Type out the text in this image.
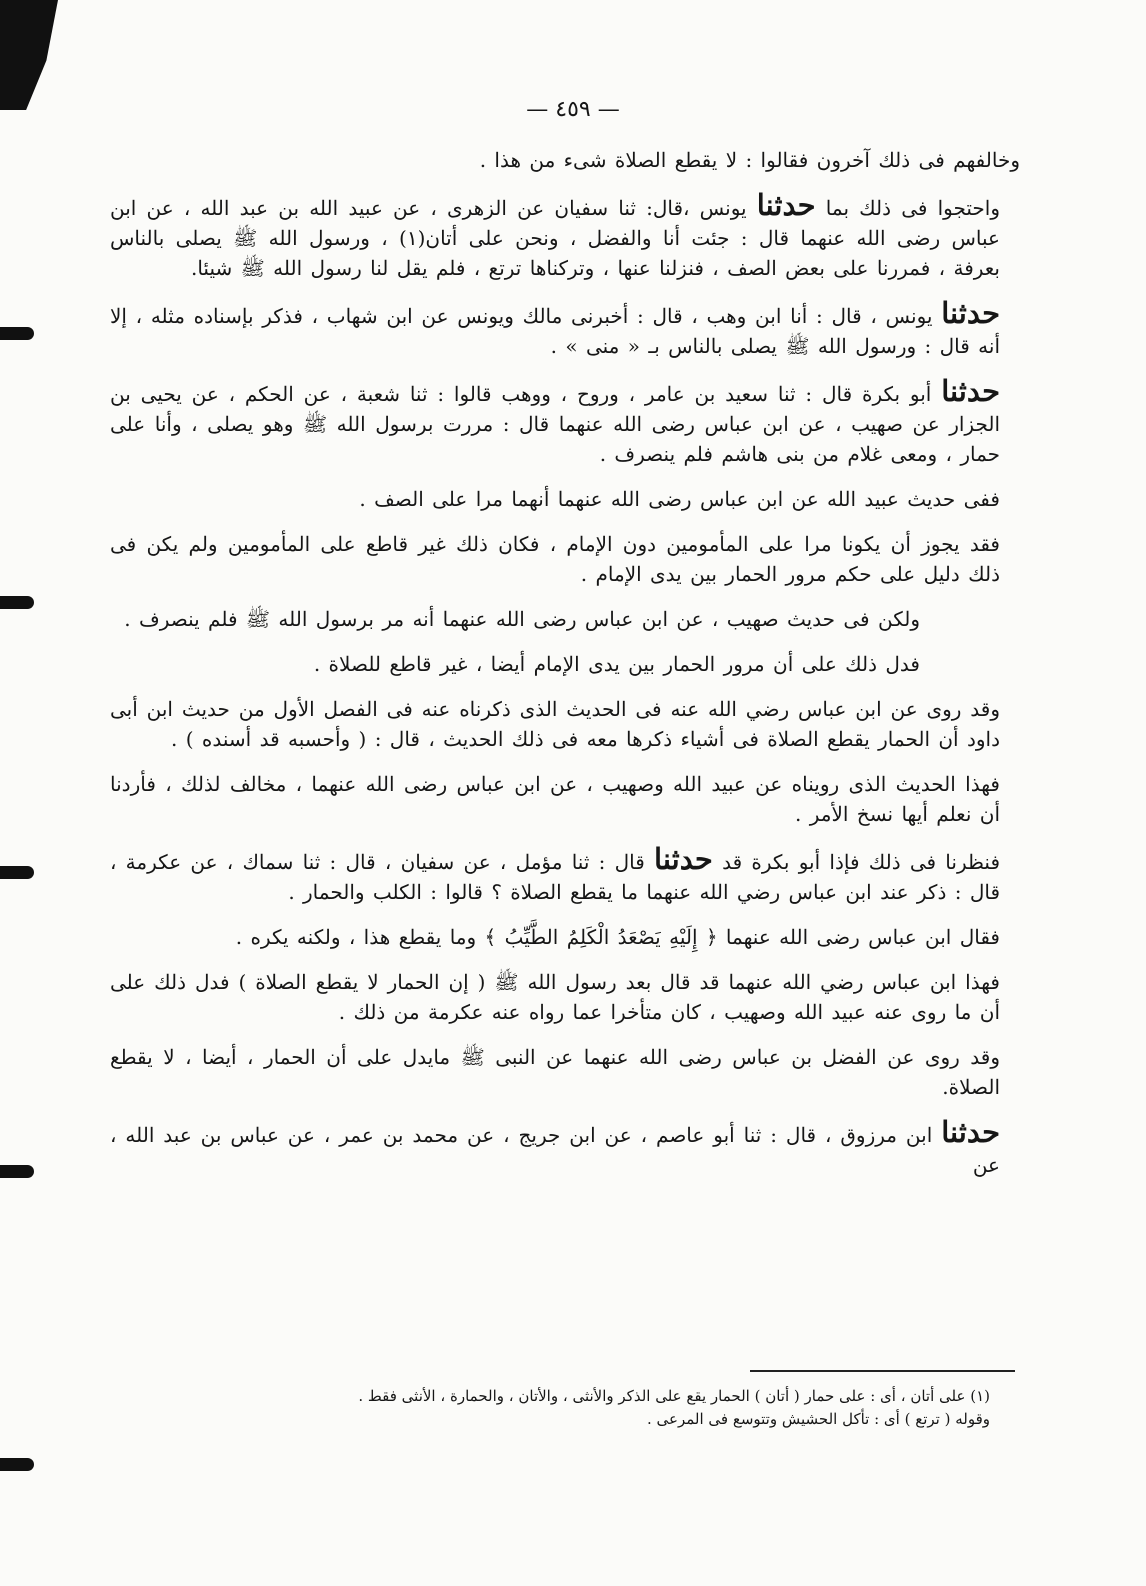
— ٤٥٩ —

وخالفهم فى ذلك آخرون فقالوا : لا يقطع الصلاة شىء من هذا .

واحتجوا فى ذلك بما حدثنا يونس ،قال: ثنا سفيان عن الزهرى ، عن عبيد الله بن عبد الله ، عن ابن عباس رضى الله عنهما قال : جئت أنا والفضل ، ونحن على أتان(١) ، ورسول الله ﷺ يصلى بالناس بعرفة ، فمررنا على بعض الصف ، فنزلنا عنها ، وتركناها ترتع ، فلم يقل لنا رسول الله ﷺ شيئا.

حدثنا يونس ، قال : أنا ابن وهب ، قال : أخبرنى مالك ويونس عن ابن شهاب ، فذكر بإسناده مثله ، إلا أنه قال : ورسول الله ﷺ يصلى بالناس بـ « منى » .

حدثنا أبو بكرة قال : ثنا سعيد بن عامر ، وروح ، ووهب قالوا : ثنا شعبة ، عن الحكم ، عن يحيى بن الجزار عن صهيب ، عن ابن عباس رضى الله عنهما قال : مررت برسول الله ﷺ وهو يصلى ، وأنا على حمار ، ومعى غلام من بنى هاشم فلم ينصرف .

ففى حديث عبيد الله عن ابن عباس رضى الله عنهما أنهما مرا على الصف .

فقد يجوز أن يكونا مرا على المأمومين دون الإمام ، فكان ذلك غير قاطع على المأمومين ولم يكن فى ذلك دليل على حكم مرور الحمار بين يدى الإمام .

ولكن فى حديث صهيب ، عن ابن عباس رضى الله عنهما أنه مر برسول الله ﷺ فلم ينصرف .

فدل ذلك على أن مرور الحمار بين يدى الإمام أيضا ، غير قاطع للصلاة .

وقد روى عن ابن عباس رضي الله عنه فى الحديث الذى ذكرناه عنه فى الفصل الأول من حديث ابن أبى داود أن الحمار يقطع الصلاة فى أشياء ذكرها معه فى ذلك الحديث ، قال : ( وأحسبه قد أسنده ) .

فهذا الحديث الذى رويناه عن عبيد الله وصهيب ، عن ابن عباس رضى الله عنهما ، مخالف لذلك ، فأردنا أن نعلم أيها نسخ الأمر .

فنظرنا فى ذلك فإذا أبو بكرة قد حدثنا قال : ثنا مؤمل ، عن سفيان ، قال : ثنا سماك ، عن عكرمة ، قال : ذكر عند ابن عباس رضي الله عنهما ما يقطع الصلاة ؟ قالوا : الكلب والحمار .

فقال ابن عباس رضى الله عنهما ﴿ إِلَيْهِ يَصْعَدُ الْكَلِمُ الطَّيِّبُ ﴾ وما يقطع هذا ، ولكنه يكره .

فهذا ابن عباس رضي الله عنهما قد قال بعد رسول الله ﷺ ( إن الحمار لا يقطع الصلاة ) فدل ذلك على أن ما روى عنه عبيد الله وصهيب ، كان متأخرا عما رواه عنه عكرمة من ذلك .

وقد روى عن الفضل بن عباس رضى الله عنهما عن النبى ﷺ مايدل على أن الحمار ، أيضا ، لا يقطع الصلاة.

حدثنا ابن مرزوق ، قال : ثنا أبو عاصم ، عن ابن جريج ، عن محمد بن عمر ، عن عباس بن عبد الله ، عن

(١) على أتان ، أى : على حمار ( أتان ) الحمار يقع على الذكر والأنثى ، والأتان ، والحمارة ، الأنثى فقط .

وقوله ( ترتع ) أى : تأكل الحشيش وتتوسع فى المرعى .
